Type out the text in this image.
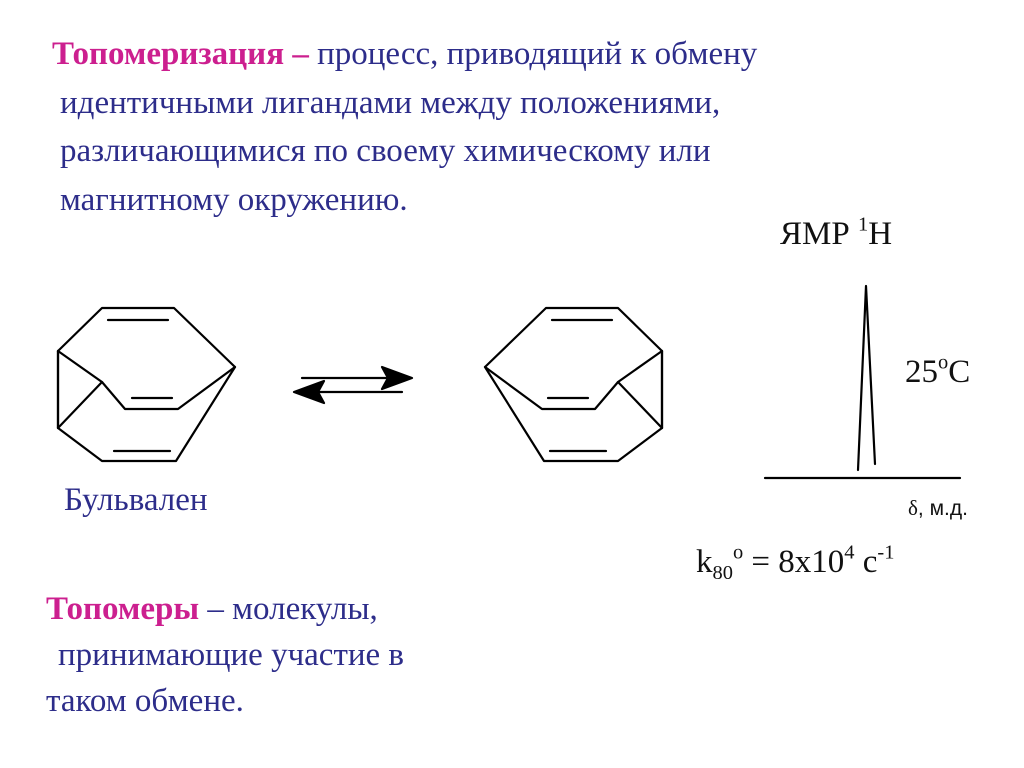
Топомеризация – процесс, приводящий к обмену
идентичными лигандами между положениями,
различающимися по своему химическому или
магнитному окружению.
Бульвален
ЯМР $^1$Н
25$^o$С
δ, м.д.
$k_{80}^o = 8х10^4$ $с^{-1}$
Топомеры – молекулы,
принимающие участие в
таком обмене.
